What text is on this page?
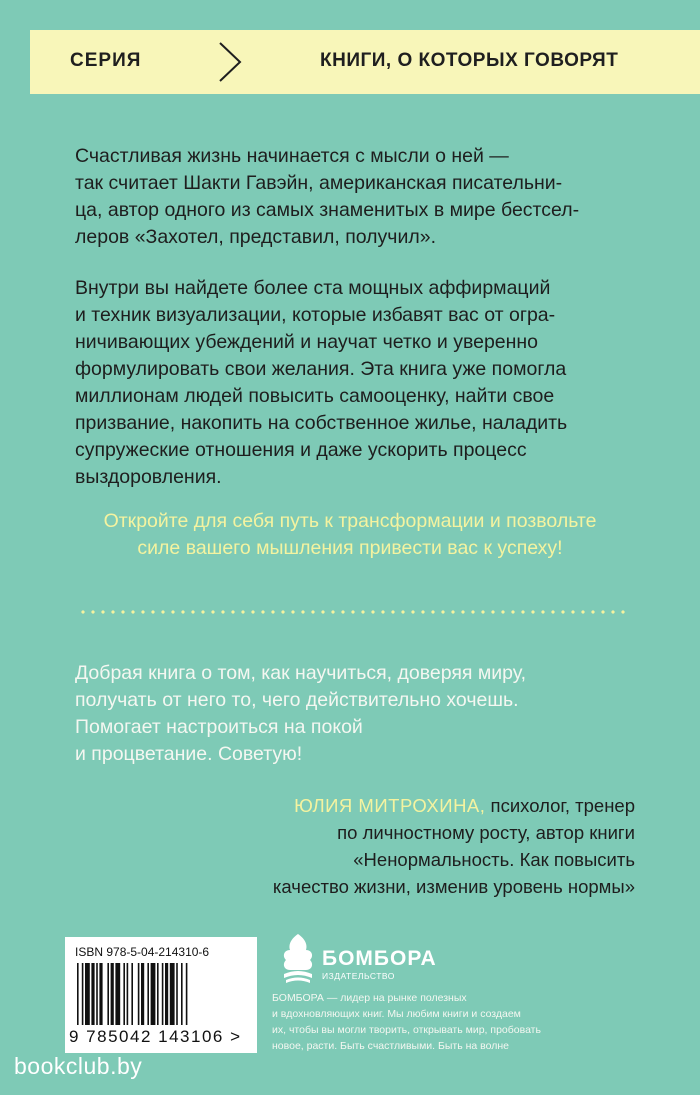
СЕРИЯ	КНИГИ, О КОТОРЫХ ГОВОРЯТ
Счастливая жизнь начинается с мысли о ней —
так считает Шакти Гавэйн, американская писательни-
ца, автор одного из самых знаменитых в мире бестсел-
леров «Захотел, представил, получил».
Внутри вы найдете более ста мощных аффирмаций
и техник визуализации, которые избавят вас от огра-
ничивающих убеждений и научат четко и уверенно
формулировать свои желания. Эта книга уже помогла
миллионам людей повысить самооценку, найти свое
призвание, накопить на собственное жилье, наладить
супружеские отношения и даже ускорить процесс
выздоровления.
Откройте для себя путь к трансформации и позвольте
силе вашего мышления привести вас к успеху!
Добрая книга о том, как научиться, доверяя миру,
получать от него то, чего действительно хочешь.
Помогает настроиться на покой
и процветание. Советую!
ЮЛИЯ МИТРОХИНА, психолог, тренер
по личностному росту, автор книги
«Ненормальность. Как повысить
качество жизни, изменив уровень нормы»
ISBN 978-5-04-214310-6
9 785042 143106 >
БОМБОРА
ИЗДАТЕЛЬСТВО
БОМБОРА — лидер на рынке полезных
и вдохновляющих книг. Мы любим книги и создаем
их, чтобы вы могли творить, открывать мир, пробовать
новое, расти. Быть счастливыми. Быть на волне
bookclub.by
